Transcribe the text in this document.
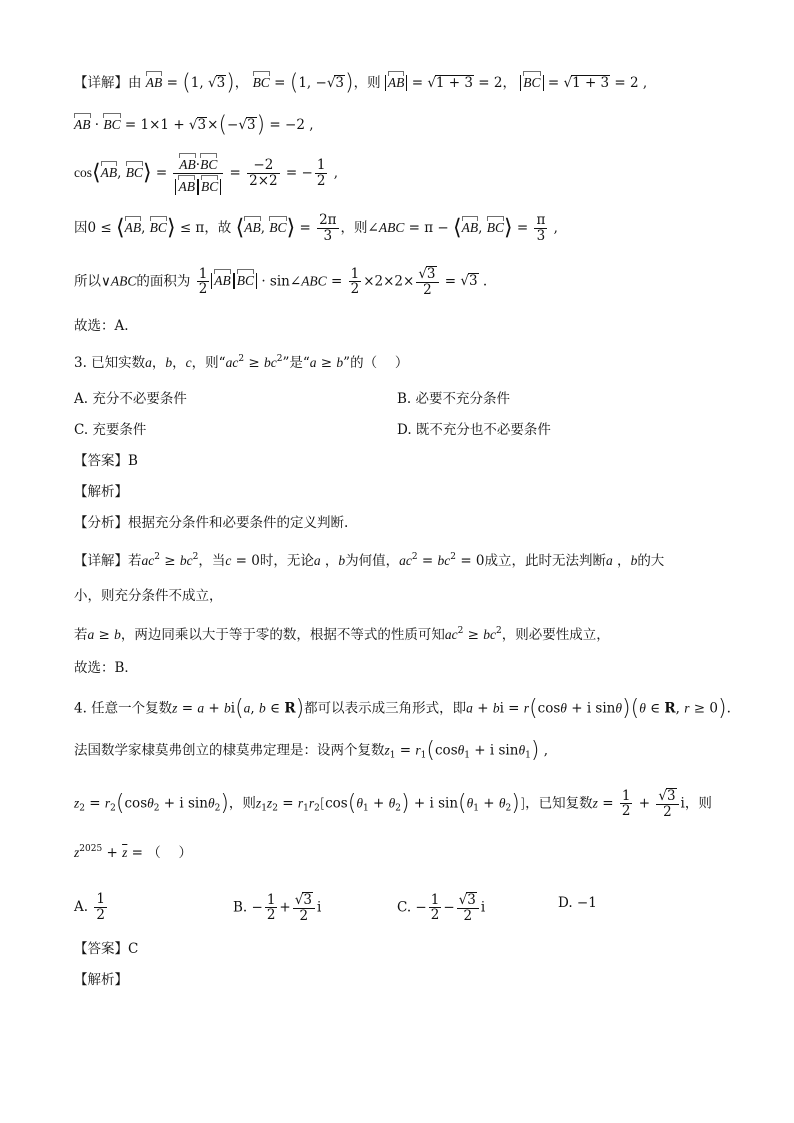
【详解】由 AB = (1, √3)， BC = (1, −√3)，则 AB = √1 + 3 = 2， BC = √1 + 3 = 2 ,
AB · BC = 1×1 + √3×(−√3) = −2 ,
cos⟨AB, BC⟩ = $\frac{AB\cdot BC}{\text{AB BC}} = \frac{-2}{2\times 2}$ = − $\frac{1}{2}$ ,
因0 ≤ ⟨AB, BC⟩ ≤ π，故 ⟨AB, BC⟩ = $\frac{2\pi}{3}$ ，则∠ABC = π − ⟨AB, BC⟩ = $\frac{\pi}{3}$ ,
所以∨ABC的面积为 $\frac{1}{2}$ AB BC · sin∠ABC = $\frac{1}{2} \times 2\times 2\times \frac{√3}{2} = √3$ .
故选：A.
3. 已知实数a，b，c，则“$ac^2 \ge bc^2$”是“a ≥ b”的（　 ）
A. 充分不必要条件	B. 必要不充分条件
C. 充要条件	D. 既不充分也不必要条件
【答案】B
【解析】
【分析】根据充分条件和必要条件的定义判断.
【详解】若$ac^2 \ge bc^2$，当c = 0时，无论a ，b为何值，$ac^2 = bc^2 = 0$成立，此时无法判断a ，b的大
小，则充分条件不成立，
若a ≥ b，两边同乘以大于等于零的数，根据不等式的性质可知$ac^2 \ge bc^2$，则必要性成立，
故选：B．
4. 任意一个复数z = a + bi(a, b ∈ R)都可以表示成三角形式，即a + bi = r(cosθ + i sinθ)(θ ∈ R, r ≥ 0).
法国数学家棣莫弗创立的棣莫弗定理是：设两个复数$z_1 = r_1(\cos\theta_1 + i$ sinθ$_1$) ,
$z_2 = r_2(\cos\theta_2 + i$ sinθ$_2$)，则$z_1z_2 = r_1r_2[\cos(\theta_1 + \theta_2) + i$ $\sin(\theta_1 + \theta_2)$]，已知复数$z = \frac{1}{2} + \frac{√3}{2}$ i，则
$z^{2025} + \overline{z}$ = （　 ）
A. $\frac{1}{2}$	B. − $\frac{1}{2} + \frac{√3}{2}$ i	C. − $\frac{1}{2} - \frac{√3}{2}$ i	D. −1
【答案】C
【解析】
